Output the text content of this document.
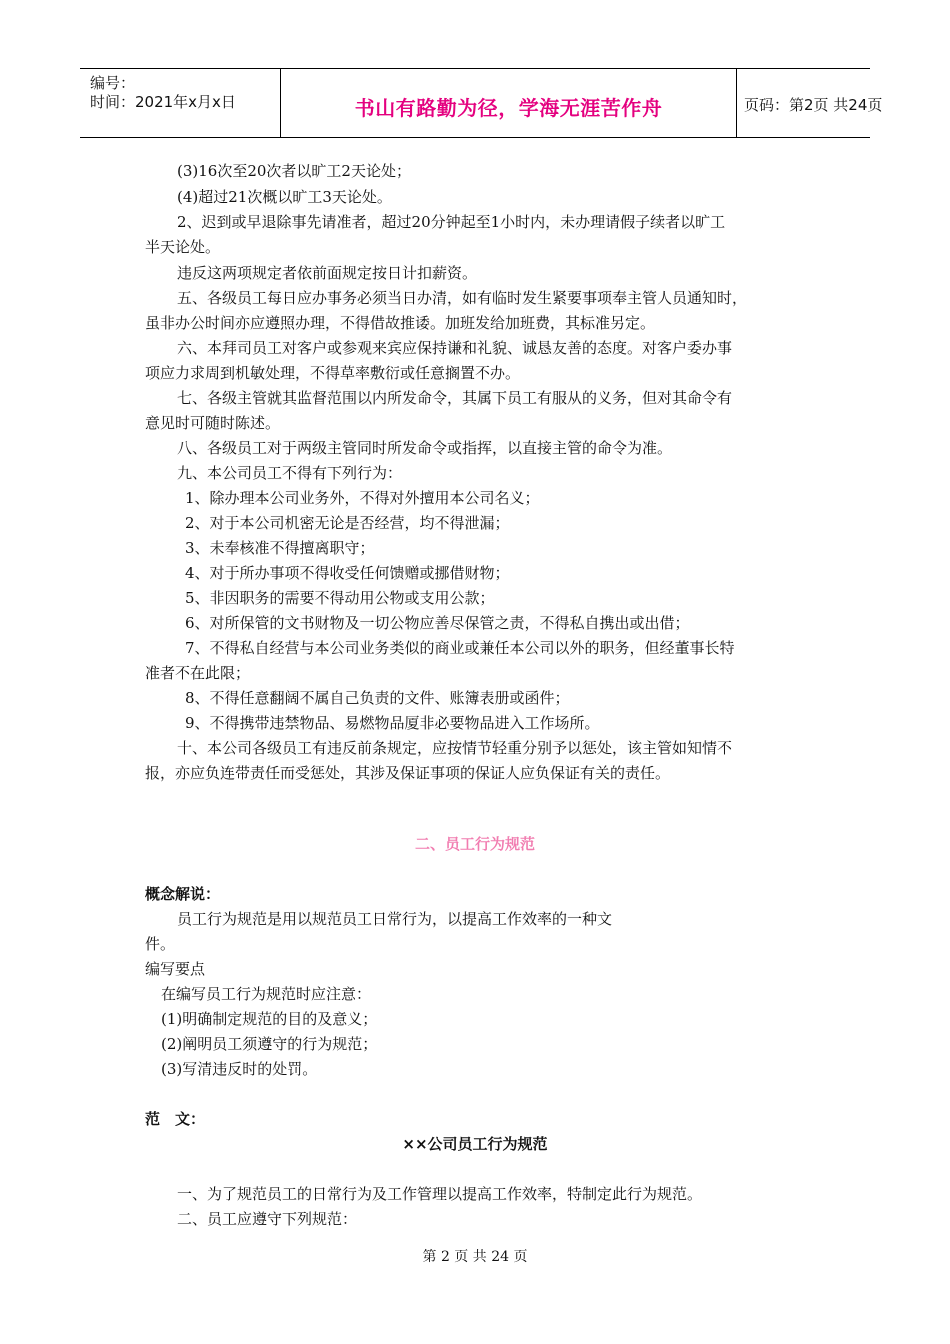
编号：
时间：2021年x月x日	书山有路勤为径，学海无涯苦作舟	页码：第2页 共24页
(3)16次至20次者以旷工2天论处；
(4)超过21次概以旷工3天论处。
2、迟到或早退除事先请准者，超过20分钟起至1小时内，未办理请假子续者以旷工
半天论处。
违反这两项规定者依前面规定按日计扣薪资。
五、各级员工每日应办事务必须当日办清，如有临时发生紧要事项奉主管人员通知时，
虽非办公时间亦应遵照办理，不得借故推诿。加班发给加班费，其标准另定。
六、本拜司员工对客户或参观来宾应保持谦和礼貌、诚恳友善的态度。对客户委办事
项应力求周到机敏处理，不得草率敷衍或任意搁置不办。
七、各级主管就其监督范围以内所发命令，其属下员工有服从的义务，但对其命令有
意见时可随时陈述。
八、各级员工对于两级主管同时所发命令或指挥，以直接主管的命令为准。
九、本公司员工不得有下列行为：
1、除办理本公司业务外，不得对外擅用本公司名义；
2、对于本公司机密无论是否经营，均不得泄漏；
3、未奉核准不得擅离职守；
4、对于所办事项不得收受任何馈赠或挪借财物；
5、非因职务的需要不得动用公物或支用公款；
6、对所保管的文书财物及一切公物应善尽保管之责，不得私自携出或出借；
7、不得私自经营与本公司业务类似的商业或兼任本公司以外的职务，但经董事长特
准者不在此限；
8、不得任意翻阔不属自己负责的文件、账簿表册或函件；
9、不得携带违禁物品、易燃物品厦非必要物品进入工作场所。
十、本公司各级员工有违反前条规定，应按情节轻重分别予以惩处，该主管如知情不
报，亦应负连带责任而受惩处，其涉及保证事项的保证人应负保证有关的责任。
二、员工行为规范
概念解说：
员工行为规范是用以规范员工日常行为，以提高工作效率的一种文
件。
编写要点
在编写员工行为规范时应注意：
(1)明确制定规范的目的及意义；
(2)阐明员工须遵守的行为规范；
(3)写清违反时的处罚。
范　文：
××公司员工行为规范
一、为了规范员工的日常行为及工作管理以提高工作效率，特制定此行为规范。
二、员工应遵守下列规范：
第 2 页 共 24 页
